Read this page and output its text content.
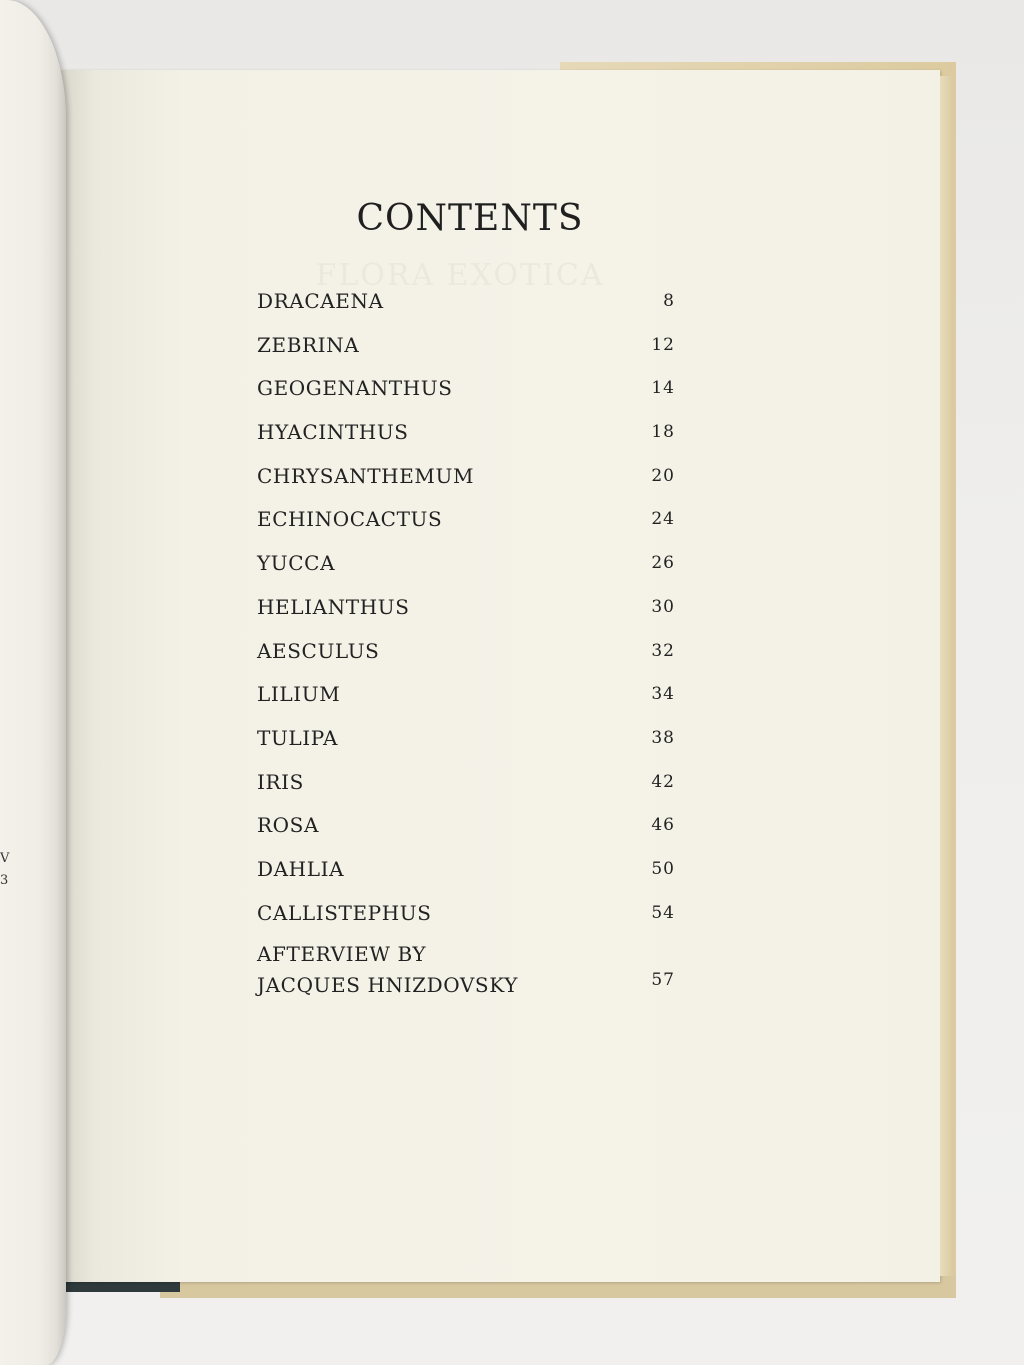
V
3
FLORA EXOTICA
CONTENTS
DRACAENA	8
ZEBRINA	12
GEOGENANTHUS	14
HYACINTHUS	18
CHRYSANTHEMUM	20
ECHINOCACTUS	24
YUCCA	26
HELIANTHUS	30
AESCULUS	32
LILIUM	34
TULIPA	38
IRIS	42
ROSA	46
DAHLIA	50
CALLISTEPHUS	54
AFTERVIEW BY
JACQUES HNIZDOVSKY	57
